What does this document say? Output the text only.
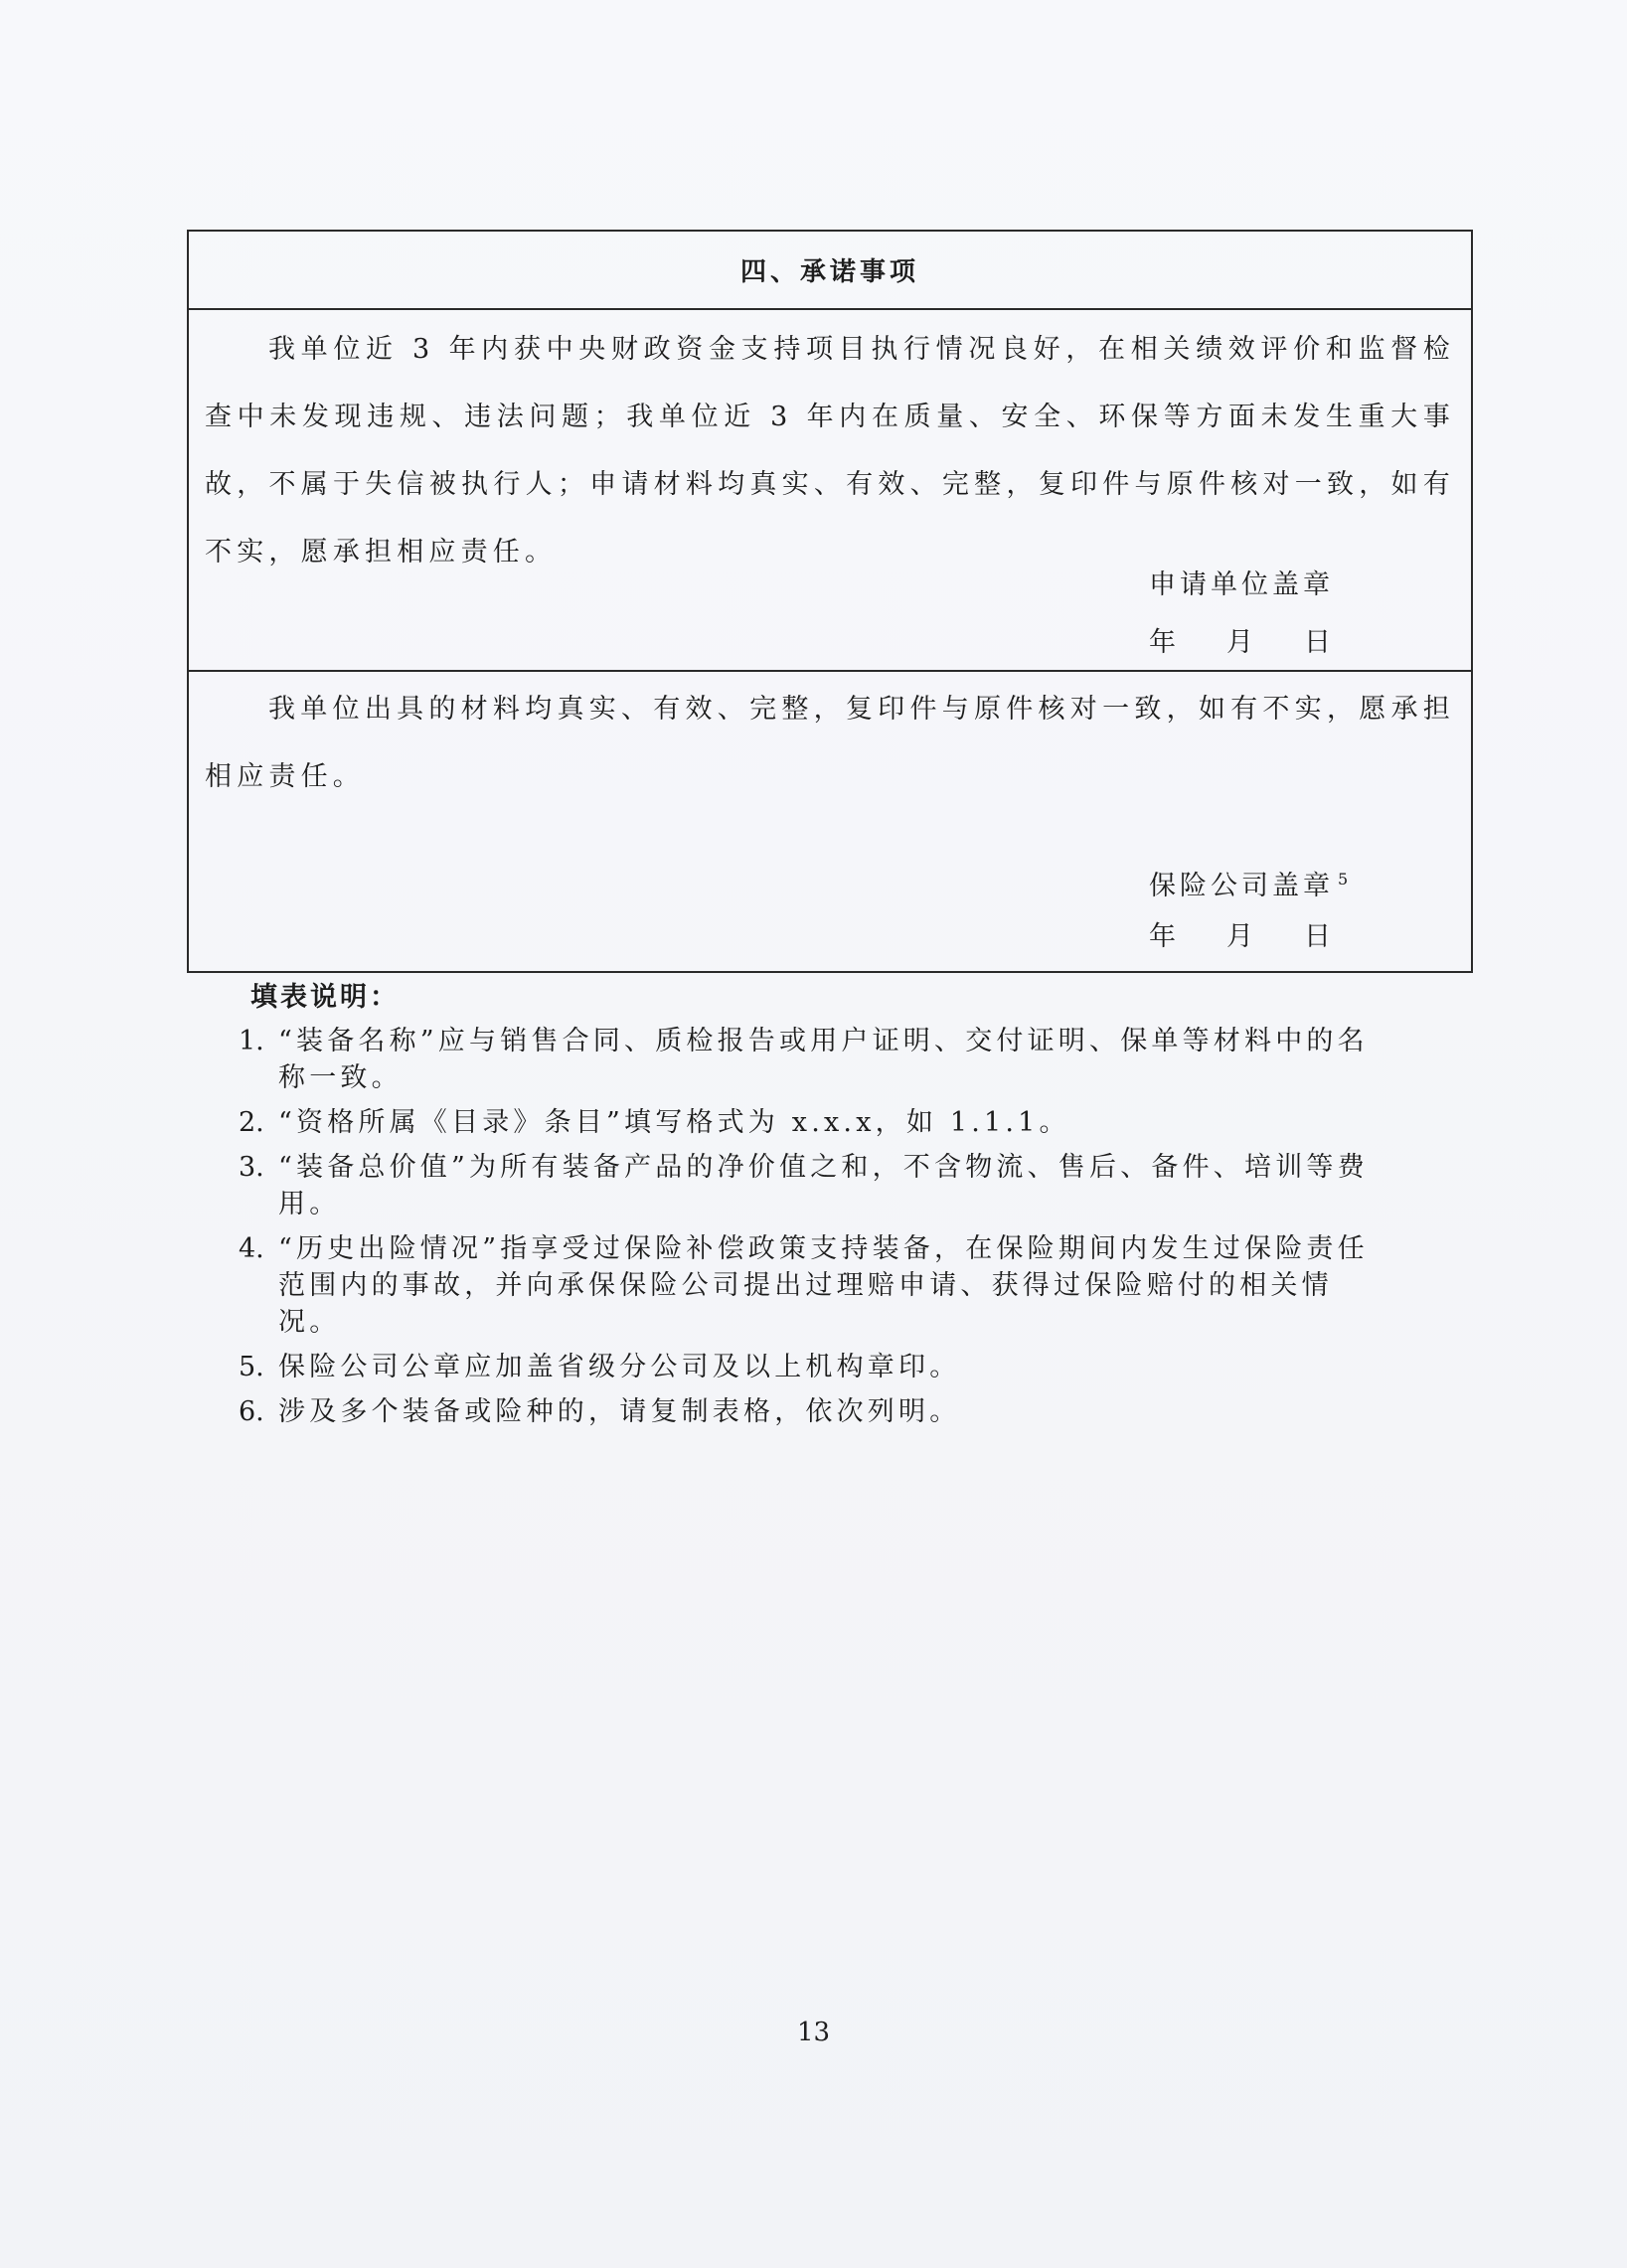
四、承诺事项

我单位近 3 年内获中央财政资金支持项目执行情况良好，在相关绩效评价和监督检查中未发现违规、违法问题；我单位近 3 年内在质量、安全、环保等方面未发生重大事故，不属于失信被执行人；申请材料均真实、有效、完整，复印件与原件核对一致，如有不实，愿承担相应责任。

申请单位盖章
年	月	日

我单位出具的材料均真实、有效、完整，复印件与原件核对一致，如有不实，愿承担相应责任。

保险公司盖章 $^5$
年	月	日
填表说明：
1. “装备名称”应与销售合同、质检报告或用户证明、交付证明、保单等材料中的名称一致。
2. “资格所属《目录》条目”填写格式为 x.x.x，如 1.1.1。
3. “装备总价值”为所有装备产品的净价值之和，不含物流、售后、备件、培训等费用。
4. “历史出险情况”指享受过保险补偿政策支持装备，在保险期间内发生过保险责任范围内的事故，并向承保保险公司提出过理赔申请、获得过保险赔付的相关情况。
5. 保险公司公章应加盖省级分公司及以上机构章印。
6. 涉及多个装备或险种的，请复制表格，依次列明。
13
